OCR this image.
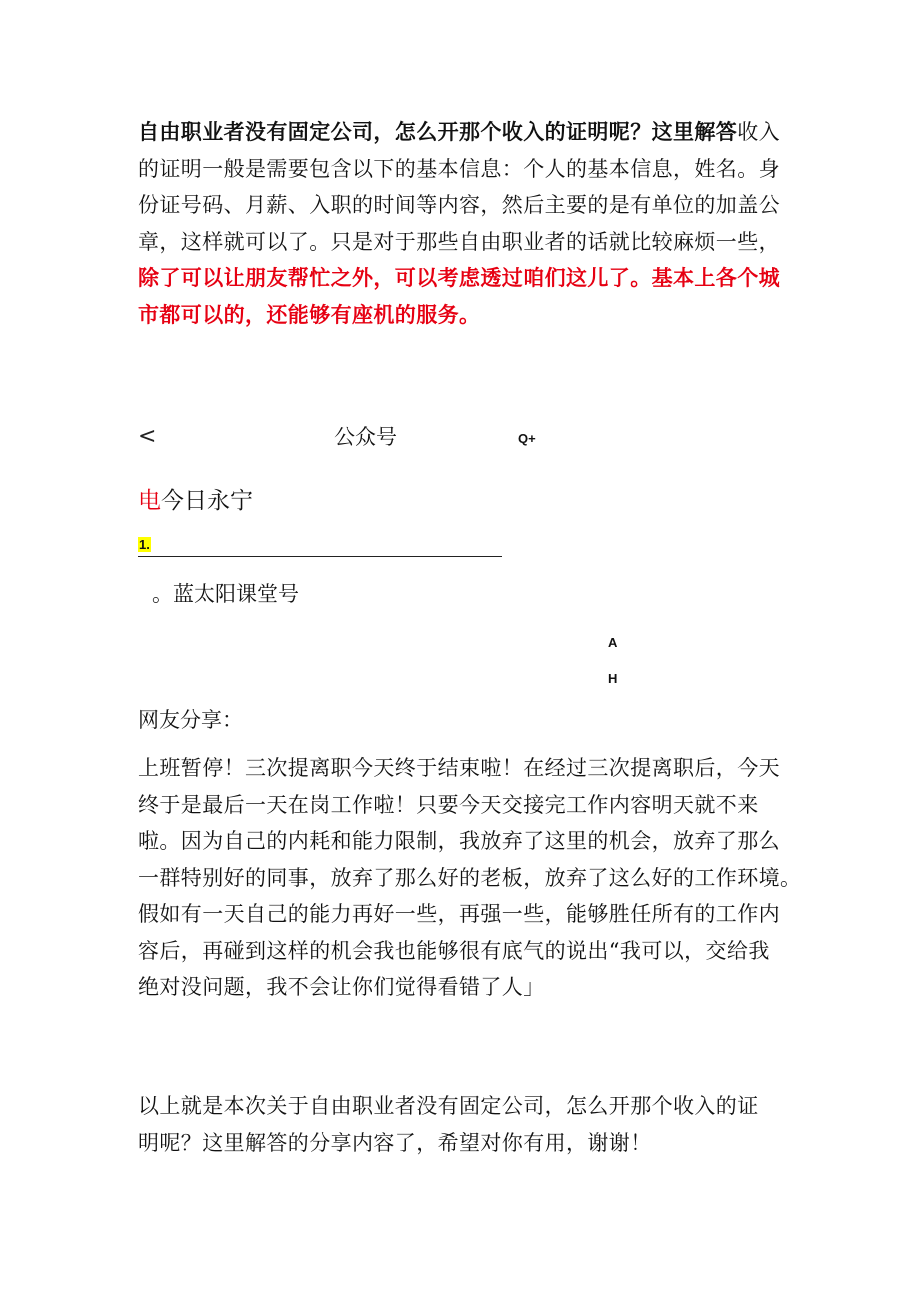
自由职业者没有固定公司，怎么开那个收入的证明呢？这里解答收入
的证明一般是需要包含以下的基本信息：个人的基本信息，姓名。身
份证号码、月薪、入职的时间等内容，然后主要的是有单位的加盖公
章，这样就可以了。只是对于那些自由职业者的话就比较麻烦一些，
除了可以让朋友帮忙之外，可以考虑透过咱们这儿了。基本上各个城
市都可以的，还能够有座机的服务。
<	公众号	Q+
电今日永宁
1.
。蓝太阳课堂号
A
H
网友分享：
上班暂停！三次提离职今天终于结束啦！在经过三次提离职后，今天
终于是最后一天在岗工作啦！只要今天交接完工作内容明天就不来
啦。因为自己的内耗和能力限制，我放弃了这里的机会，放弃了那么
一群特别好的同事，放弃了那么好的老板，放弃了这么好的工作环境。
假如有一天自己的能力再好一些，再强一些，能够胜任所有的工作内
容后，再碰到这样的机会我也能够很有底气的说出“我可以，交给我
绝对没问题，我不会让你们觉得看错了人」
以上就是本次关于自由职业者没有固定公司，怎么开那个收入的证
明呢？这里解答的分享内容了，希望对你有用，谢谢！
